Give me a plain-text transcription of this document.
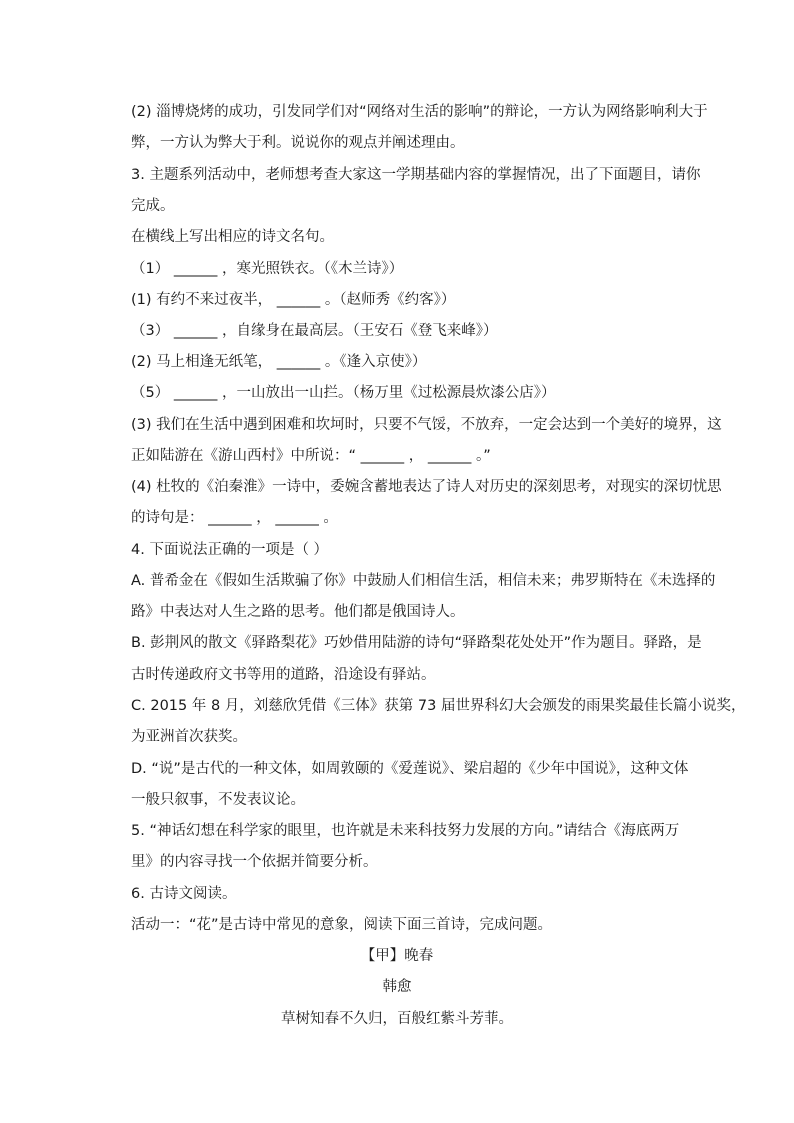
(2) 淄博烧烤的成功，引发同学们对“网络对生活的影响”的辩论，一方认为网络影响利大于
弊，一方认为弊大于利。说说你的观点并阐述理由。
3. 主题系列活动中，老师想考查大家这一学期基础内容的掌握情况，出了下面题目，请你
完成。
在横线上写出相应的诗文名句。
（1） ______ ，寒光照铁衣。（《木兰诗》）
(1) 有约不来过夜半， ______ 。（赵师秀《约客》）
（3） ______ ，自缘身在最高层。（王安石《登飞来峰》）
(2) 马上相逢无纸笔， ______ 。《逢入京使》）
（5） ______ ，一山放出一山拦。（杨万里《过松源晨炊漆公店》）
(3) 我们在生活中遇到困难和坎坷时，只要不气馁，不放弃，一定会达到一个美好的境界，这
正如陆游在《游山西村》中所说：“ ______ ， ______ 。”
(4) 杜牧的《泊秦淮》一诗中，委婉含蓄地表达了诗人对历史的深刻思考，对现实的深切忧思
的诗句是： ______ ， ______ 。
4. 下面说法正确的一项是（ ）
A. 普希金在《假如生活欺骗了你》中鼓励人们相信生活，相信未来；弗罗斯特在《未选择的
路》中表达对人生之路的思考。他们都是俄国诗人。
B. 彭荆风的散文《驿路梨花》巧妙借用陆游的诗句“驿路梨花处处开”作为题目。驿路，是
古时传递政府文书等用的道路，沿途设有驿站。
C. 2015 年 8 月，刘慈欣凭借《三体》获第 73 届世界科幻大会颁发的雨果奖最佳长篇小说奖，
为亚洲首次获奖。
D. “说”是古代的一种文体，如周敦颐的《爱莲说》、梁启超的《少年中国说》，这种文体
一般只叙事，不发表议论。
5. “神话幻想在科学家的眼里，也许就是未来科技努力发展的方向。”请结合《海底两万
里》的内容寻找一个依据并简要分析。
6. 古诗文阅读。
活动一：“花”是古诗中常见的意象，阅读下面三首诗，完成问题。
【甲】晚春
韩愈
草树知春不久归，百般红紫斗芳菲。
